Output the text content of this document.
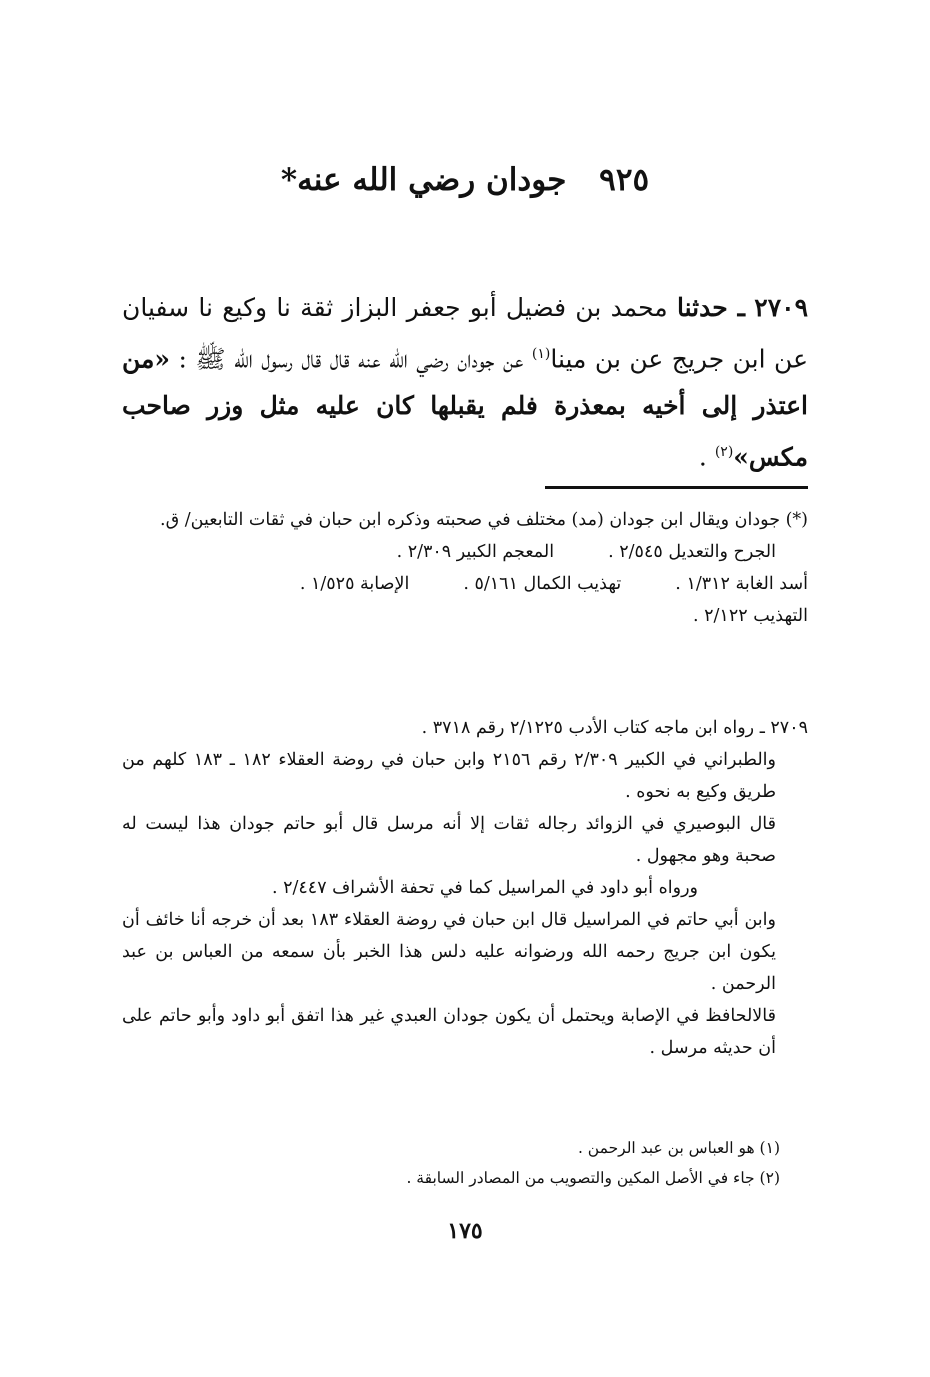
٩٢٥ جودان رضي الله عنه*

٢٧٠٩ ـ حدثنا محمد بن فضيل أبو جعفر البزاز ثقة نا وكيع نا سفيان عن ابن جريج عن بن مينا$^{(١)}$ عن جودان رضي الله عنه قال قال رسول الله ﷺ : «من اعتذر إلى أخيه بمعذرة فلم يقبلها كان عليه مثل وزر صاحب مكس»$^{(٢)}$ .

(*) جودان ويقال ابن جودان (مد) مختلف في صحبته وذكره ابن حبان في ثقات التابعين/ ق.

الجرح والتعديل ٢/٥٤٥ .
المعجم الكبير ٢/٣٠٩ .
أسد الغابة ١/٣١٢ .
تهذيب الكمال ٥/١٦١ .
الإصابة ١/٥٢٥ .

التهذيب ٢/١٢٢ .

٢٧٠٩ ـ رواه ابن ماجه كتاب الأدب ٢/١٢٢٥ رقم ٣٧١٨ .

والطبراني في الكبير ٢/٣٠٩ رقم ٢١٥٦ وابن حبان في روضة العقلاء ١٨٢ ـ ١٨٣ كلهم من طريق وكيع به نحوه .

قال البوصيري في الزوائد رجاله ثقات إلا أنه مرسل قال أبو حاتم جودان هذا ليست له صحبة وهو مجهول .

ورواه أبو داود في المراسيل كما في تحفة الأشراف ٢/٤٤٧ .

وابن أبي حاتم في المراسيل قال ابن حبان في روضة العقلاء ١٨٣ بعد أن خرجه أنا خائف أن يكون ابن جريج رحمه الله ورضوانه عليه دلس هذا الخبر بأن سمعه من العباس بن عبد الرحمن .

قالالحافظ في الإصابة ويحتمل أن يكون جودان العبدي غير هذا اتفق أبو داود وأبو حاتم على أن حديثه مرسل .

(١) هو العباس بن عبد الرحمن .

(٢) جاء في الأصل المكين والتصويب من المصادر السابقة .

١٧٥
